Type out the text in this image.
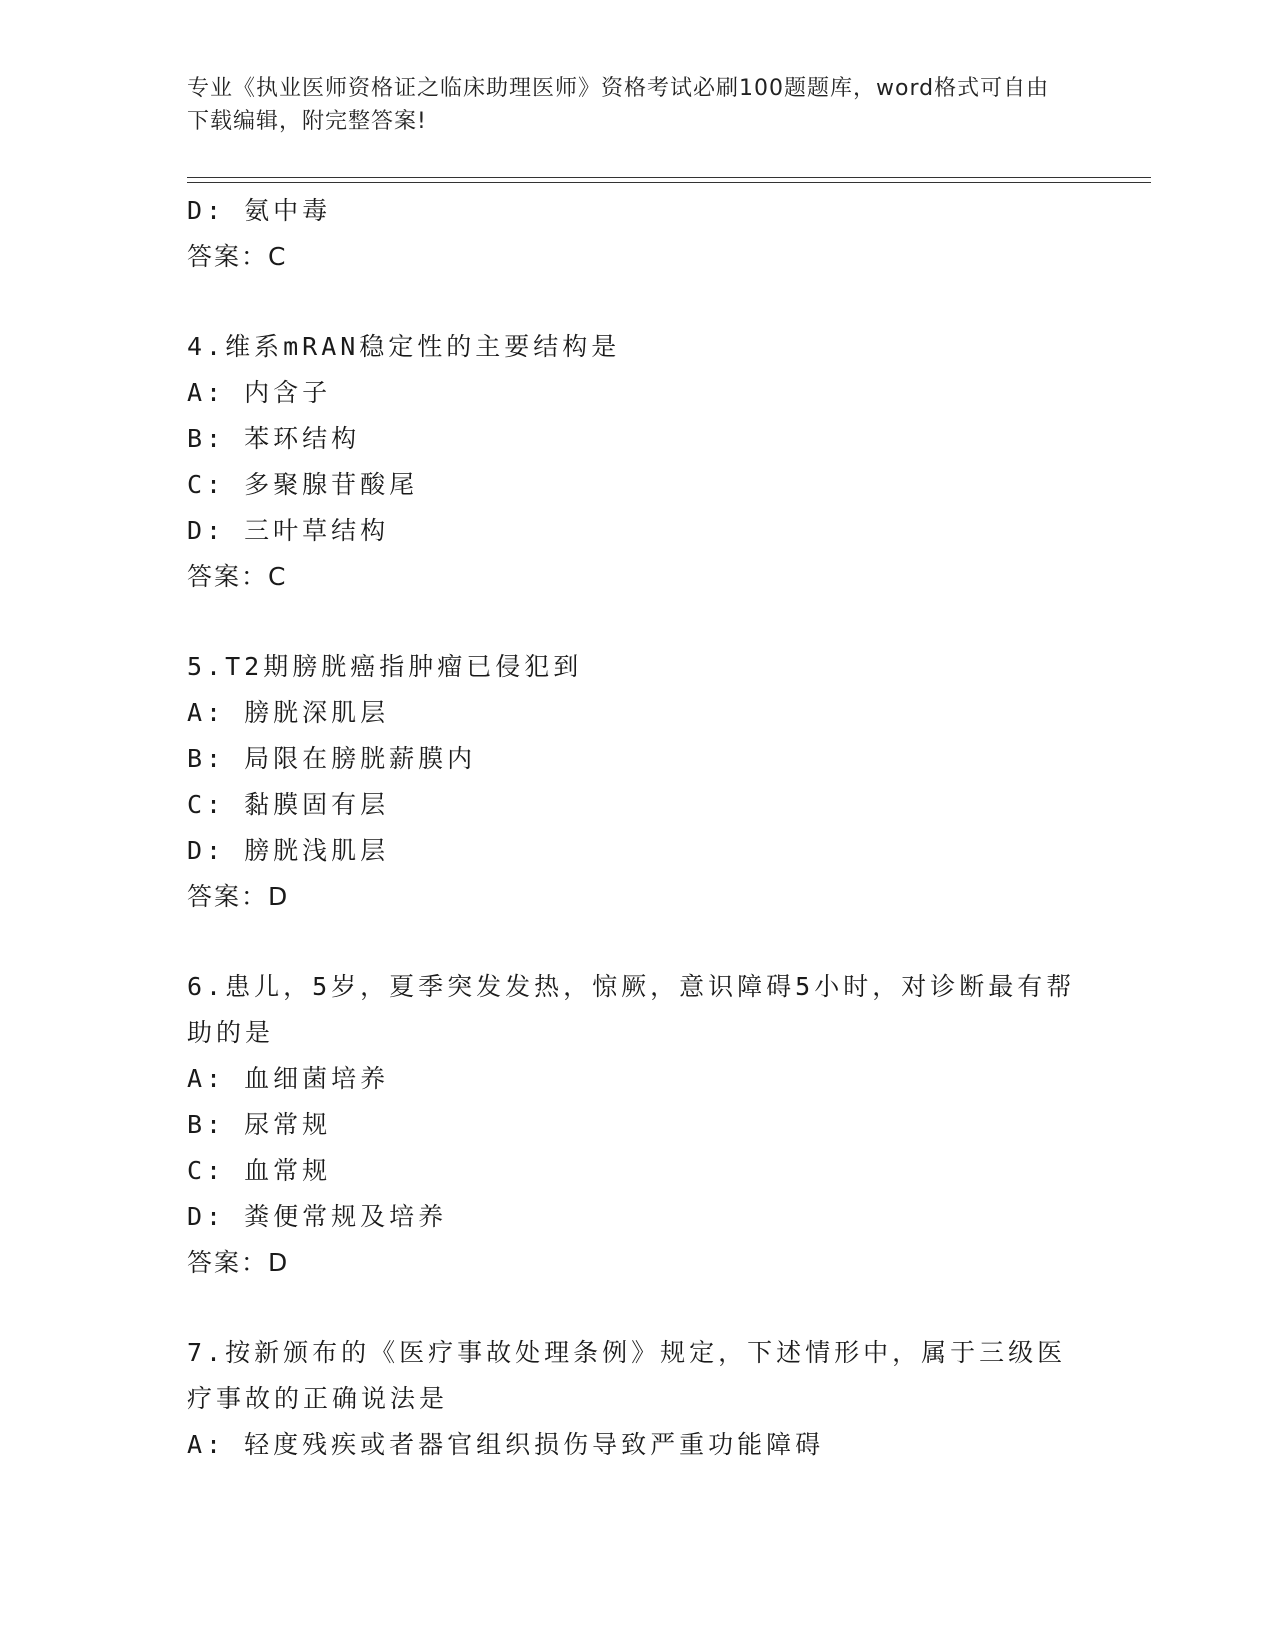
专业《执业医师资格证之临床助理医师》资格考试必刷100题题库，word格式可自由下载编辑，附完整答案!
D: 氨中毒
答案：C
4.维系mRAN稳定性的主要结构是
A: 内含子
B: 苯环结构
C: 多聚腺苷酸尾
D: 三叶草结构
答案：C
5.T2期膀胱癌指肿瘤已侵犯到
A: 膀胱深肌层
B: 局限在膀胱薪膜内
C: 黏膜固有层
D: 膀胱浅肌层
答案：D
6.患儿，5岁，夏季突发发热，惊厥，意识障碍5小时，对诊断最有帮
助的是
A: 血细菌培养
B: 尿常规
C: 血常规
D: 粪便常规及培养
答案：D
7.按新颁布的《医疗事故处理条例》规定，下述情形中，属于三级医
疗事故的正确说法是
A: 轻度残疾或者器官组织损伤导致严重功能障碍
